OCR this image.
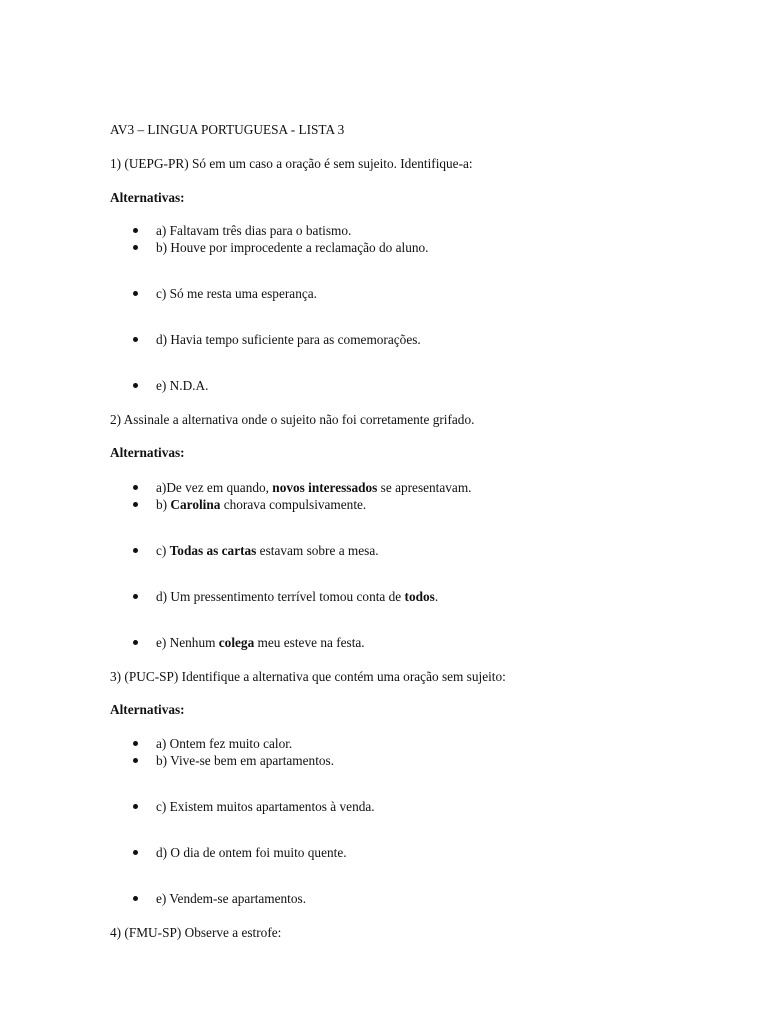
AV3 – LINGUA PORTUGUESA - LISTA 3
1) (UEPG-PR) Só em um caso a oração é sem sujeito. Identifique-a:
Alternativas:
a) Faltavam três dias para o batismo.
b) Houve por improcedente a reclamação do aluno.
c) Só me resta uma esperança.
d) Havia tempo suficiente para as comemorações.
e) N.D.A.
2) Assinale a alternativa onde o sujeito não foi corretamente grifado.
Alternativas:
a)De vez em quando, novos interessados se apresentavam.
b) Carolina chorava compulsivamente.
c) Todas as cartas estavam sobre a mesa.
d) Um pressentimento terrível tomou conta de todos.
e) Nenhum colega meu esteve na festa.
3) (PUC-SP) Identifique a alternativa que contém uma oração sem sujeito:
Alternativas:
a) Ontem fez muito calor.
b) Vive-se bem em apartamentos.
c) Existem muitos apartamentos à venda.
d) O dia de ontem foi muito quente.
e) Vendem-se apartamentos.
4) (FMU-SP) Observe a estrofe:
